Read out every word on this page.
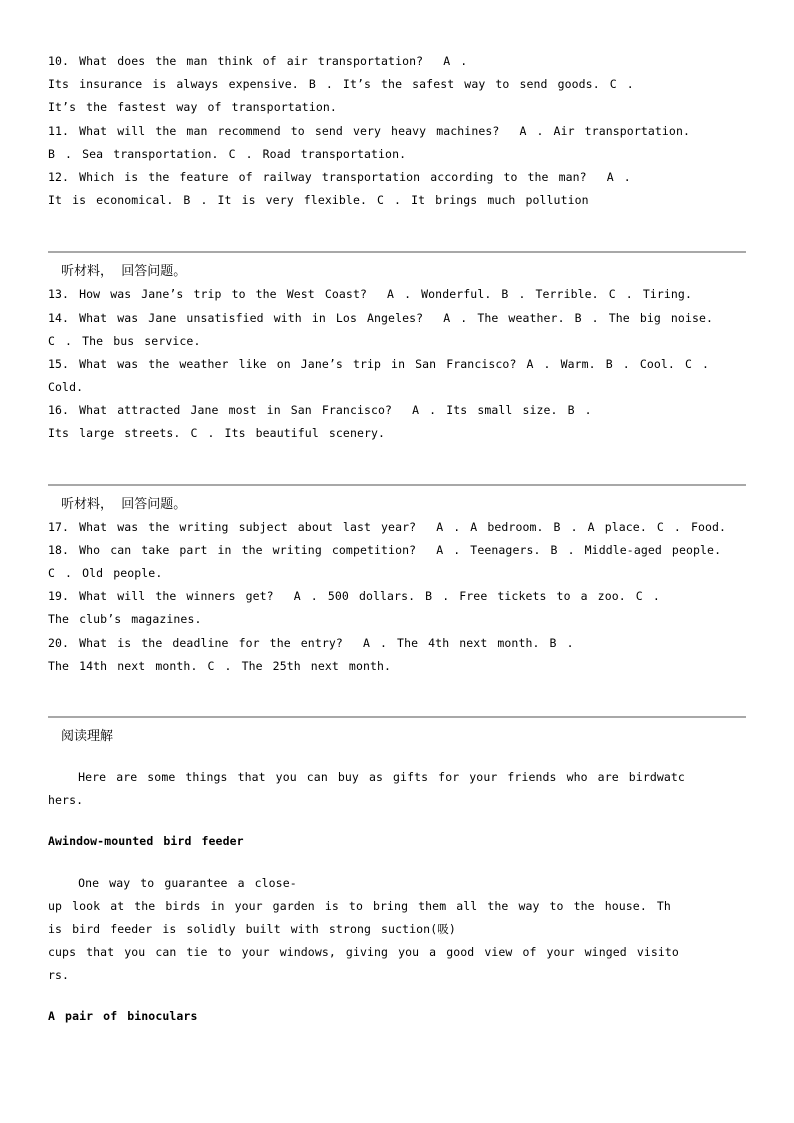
10. What does the man think of air transportation?  A .
Its insurance is always expensive. B . It’s the safest way to send goods. C .
It’s the fastest way of transportation.
11. What will the man recommend to send very heavy machines?  A . Air transportation.
B . Sea transportation. C . Road transportation.
12. Which is the feature of railway transportation according to the man?  A .
It is economical. B . It is very flexible. C . It brings much pollution
听材料，  回答问题。
13. How was Jane’s trip to the West Coast?  A . Wonderful. B . Terrible. C . Tiring.
14. What was Jane unsatisfied with in Los Angeles?  A . The weather. B . The big noise.
C . The bus service.
15. What was the weather like on Jane’s trip in San Francisco? A . Warm. B . Cool. C .
Cold.
16. What attracted Jane most in San Francisco?  A . Its small size. B .
Its large streets. C . Its beautiful scenery.
听材料，  回答问题。
17. What was the writing subject about last year?  A . A bedroom. B . A place. C . Food.
18. Who can take part in the writing competition?  A . Teenagers. B . Middle-aged people.
C . Old people.
19. What will the winners get?  A . 500 dollars. B . Free tickets to a zoo. C .
The club’s magazines.
20. What is the deadline for the entry?  A . The 4th next month. B .
The 14th next month. C . The 25th next month.
阅读理解
Here are some things that you can buy as gifts for your friends who are birdwatc
hers.
Awindow-mounted bird feeder
One way to guarantee a close-
up look at the birds in your garden is to bring them all the way to the house. Th
is bird feeder is solidly built with strong suction(吸)
cups that you can tie to your windows, giving you a good view of your winged visito
rs.
A pair of binoculars
